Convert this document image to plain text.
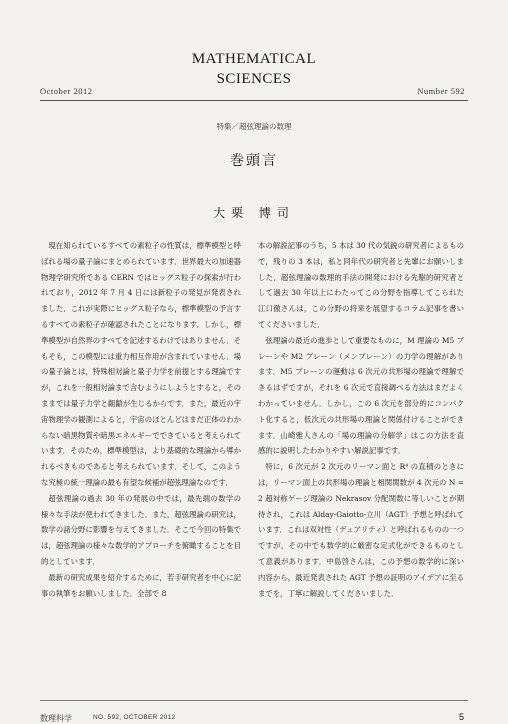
MATHEMATICAL
SCIENCES
October 2012	Number 592
特集／超弦理論の数理
巻頭言
大栗 博司

現在知られているすべての素粒子の性質は，標準模型と呼ばれる場の量子論にまとめられています．世界最大の加速器物理学研究所である CERN ではヒッグス粒子の探索が行われており，2012 年 7 月 4 日には新粒子の発見が発表されました．これが実際にヒッグス粒子なら，標準模型の予言するすべての素粒子が確認されたことになります．しかし，標準模型が自然界のすべてを記述するわけではありません．そもそも，この模型には重力相互作用が含まれていません．場の量子論とは，特殊相対論と量子力学を前提とする理論ですが，これを一般相対論まで含むようにしようとすると，そのままでは量子力学と齟齬が生じるからです．また，最近の宇宙物理学の観測によると，宇宙のほとんどはまだ正体のわからない暗黒物質や暗黒エネルギーでできていると考えられています．そのため，標準模型は，より基礎的な理論から導かれるべきものであると考えられています．そして，このような究極の統一理論の最も有望な候補が超弦理論なのです．

超弦理論の過去 30 年の発展の中では，最先端の数学の様々な手法が使われてきました．また，超弦理論の研究は，数学の諸分野に影響を与えてきました．そこで今回の特集では，超弦理論の様々な数学的アプローチを俯瞰することを目的としています．

最新の研究成果を紹介するために，若手研究者を中心に記事の執筆をお願いしました．全部で 8

本の解説記事のうち，5 本は 30 代の気鋭の研究者によるもので，残りの 3 本は，私と同年代の研究者と先輩にお願いしました．超弦理論の数理的手法の開発における先駆的研究者として過去 30 年以上にわたってこの分野を指導してこられた江口徹さんは，この分野の将来を展望するコラム記事を書いてくださいました．

弦理論の最近の進歩として重要なものに，M 理論の M5 ブレーンや M2 ブレーン（メンブレーン）の力学の理解があります．M5 ブレーンの運動は 6 次元の共形場の理論で理解できるはずですが，それを 6 次元で直接調べる方法はまだよくわかっていません．しかし，この 6 次元を部分的にコンパクト化すると，低次元の共形場の理論と関係付けることができます．山崎雅人さんの「場の理論の分解学」はこの方法を直感的に説明したわかりやすい解説記事です．

特に，6 次元が 2 次元のリーマン面と R⁴ の直積のときには，リーマン面上の共形場の理論と相関関数が 4 次元の N = 2 超対称ゲージ理論の Nekrasov 分配関数に等しいことが期待され，これは Alday-Gaiotto-立川（AGT）予想と呼ばれています．これは双対性（デュアリティ）と呼ばれるものの一つですが，その中でも数学的に厳密な定式化ができるものとして意義があります．中島啓さんは，この予想の数学的に深い内容から，最近発表された AGT 予想の証明のアイデアに至るまでを，丁寧に解説してくださいました．

数理科学	NO. 592, OCTOBER 2012	5
